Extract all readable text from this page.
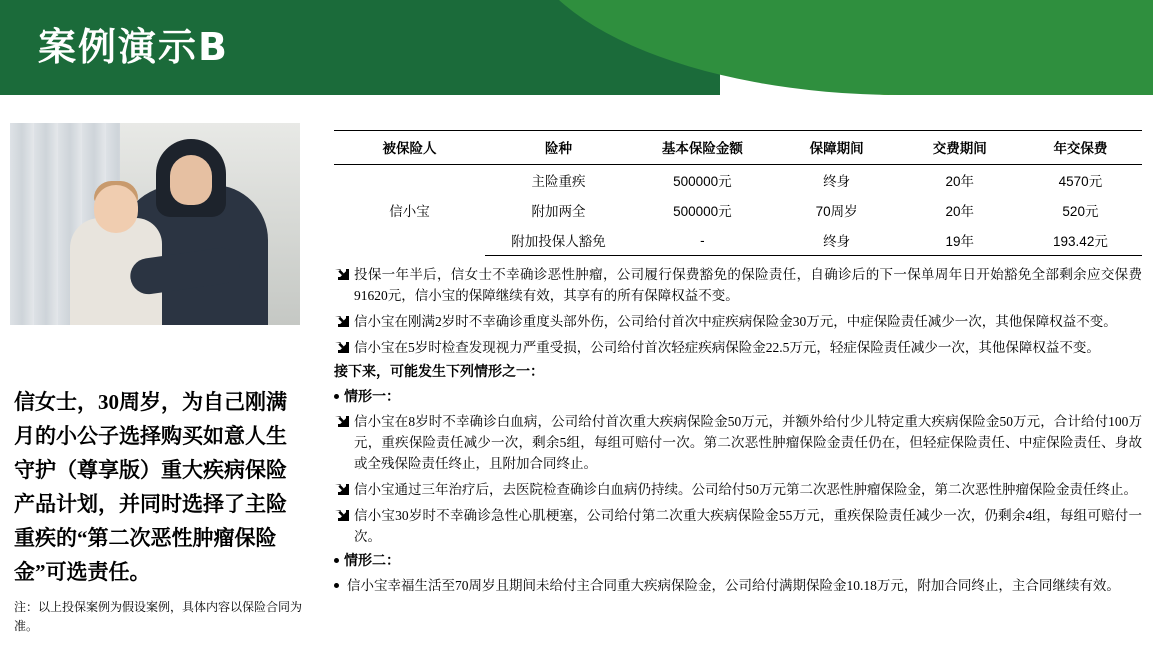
案例演示B
信女士，30周岁，为自己刚满月的小公子选择购买如意人生守护（尊享版）重大疾病保险产品计划，并同时选择了主险重疾的“第二次恶性肿瘤保险金”可选责任。
注：以上投保案例为假设案例，具体内容以保险合同为准。
被保险人	险种	基本保险金额	保障期间	交费期间	年交保费
信小宝	主险重疾	500000元	终身	20年	4570元
	附加两全	500000元	70周岁	20年	520元
	附加投保人豁免	-	终身	19年	193.42元
投保一年半后，信女士不幸确诊恶性肿瘤，公司履行保费豁免的保险责任，自确诊后的下一保单周年日开始豁免全部剩余应交保费91620元，信小宝的保障继续有效，其享有的所有保障权益不变。
信小宝在刚满2岁时不幸确诊重度头部外伤，公司给付首次中症疾病保险金30万元，中症保险责任减少一次，其他保障权益不变。
信小宝在5岁时检查发现视力严重受损，公司给付首次轻症疾病保险金22.5万元，轻症保险责任减少一次，其他保障权益不变。
接下来，可能发生下列情形之一：
情形一：
信小宝在8岁时不幸确诊白血病，公司给付首次重大疾病保险金50万元，并额外给付少儿特定重大疾病保险金50万元，合计给付100万元，重疾保险责任减少一次，剩余5组，每组可赔付一次。第二次恶性肿瘤保险金责任仍在，但轻症保险责任、中症保险责任、身故或全残保险责任终止，且附加合同终止。
信小宝通过三年治疗后，去医院检查确诊白血病仍持续。公司给付50万元第二次恶性肿瘤保险金，第二次恶性肿瘤保险金责任终止。
信小宝30岁时不幸确诊急性心肌梗塞，公司给付第二次重大疾病保险金55万元，重疾保险责任减少一次，仍剩余4组，每组可赔付一次。
情形二：
信小宝幸福生活至70周岁且期间未给付主合同重大疾病保险金，公司给付满期保险金10.18万元，附加合同终止，主合同继续有效。
